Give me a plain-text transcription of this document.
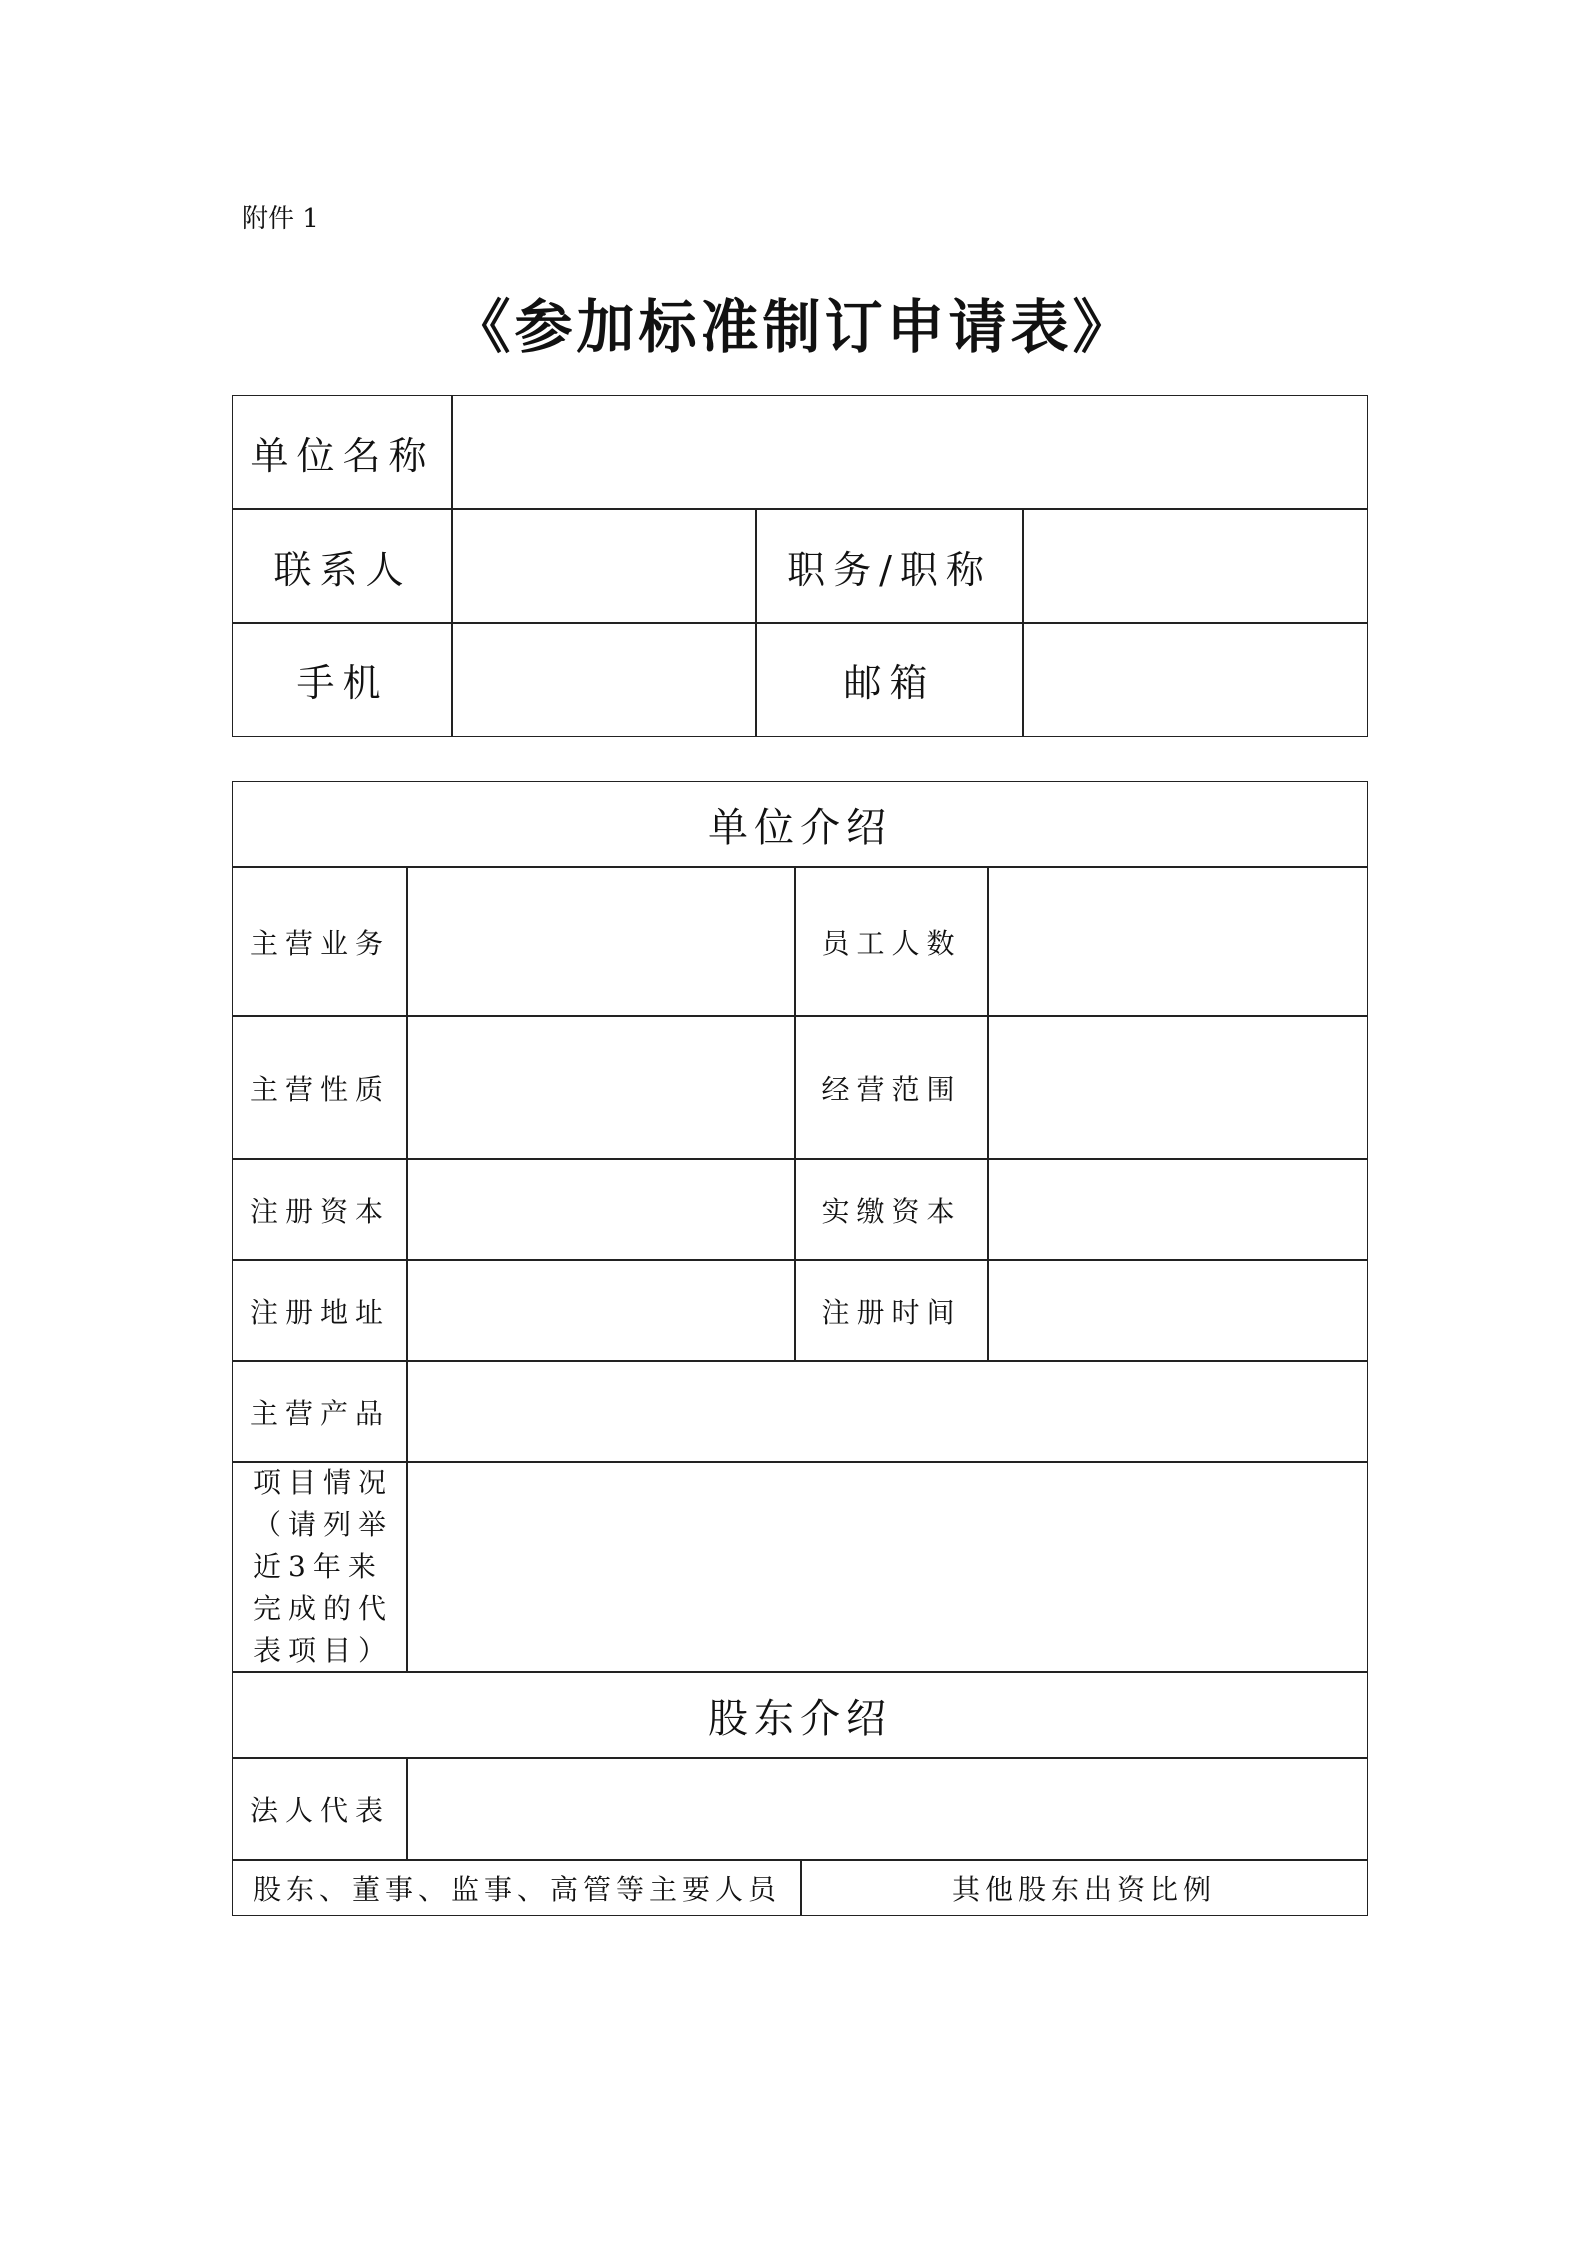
附件 1
《参加标准制订申请表》
单位名称
联系人	职务/职称
手机	邮箱
单位介绍
主营业务	员工人数
主营性质	经营范围
注册资本	实缴资本
注册地址	注册时间
主营产品
项目情况（请列举近3年来完成的代表项目）
股东介绍
法人代表
股东、董事、监事、高管等主要人员	其他股东出资比例
